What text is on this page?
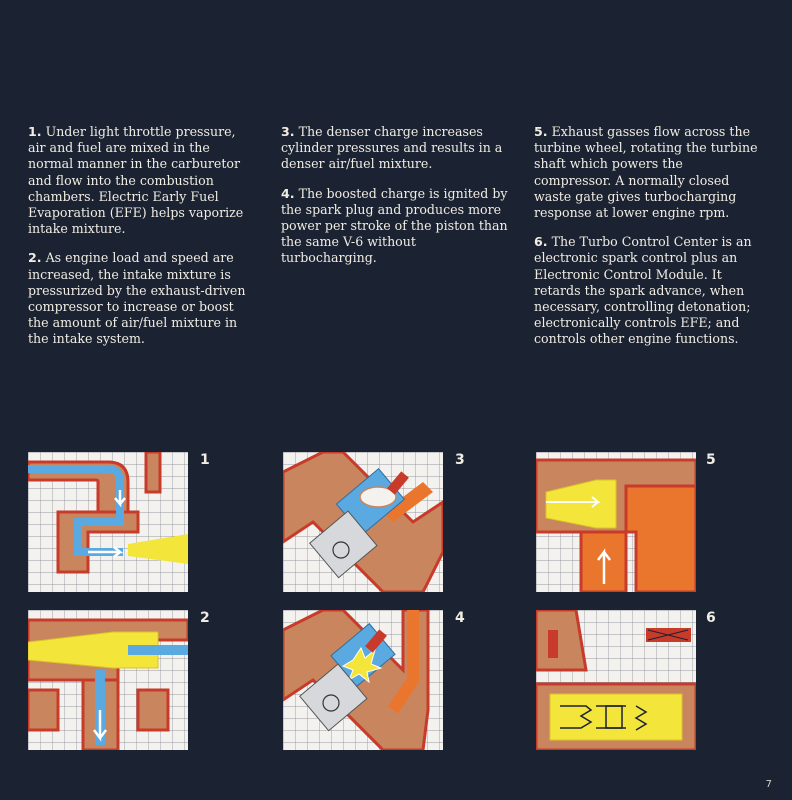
1. Under light throttle pressure, air and fuel are mixed in the normal manner in the carburetor and flow into the combustion chambers. Electric Early Fuel Evaporation (EFE) helps vaporize intake mixture.

2. As engine load and speed are increased, the intake mixture is pressurized by the exhaust-driven compressor to increase or boost the amount of air/fuel mixture in the intake system.

3. The denser charge increases cylinder pressures and results in a denser air/fuel mixture.

4. The boosted charge is ignited by the spark plug and produces more power per stroke of the piston than the same V-6 without turbocharging.

5. Exhaust gasses flow across the turbine wheel, rotating the turbine shaft which powers the compressor. A normally closed waste gate gives turbocharging response at lower engine rpm.

6. The Turbo Control Center is an electronic spark control plus an Electronic Control Module. It retards the spark advance, when necessary, controlling detonation; electronically controls EFE; and controls other engine functions.

1
2
3
4
5
6
7
